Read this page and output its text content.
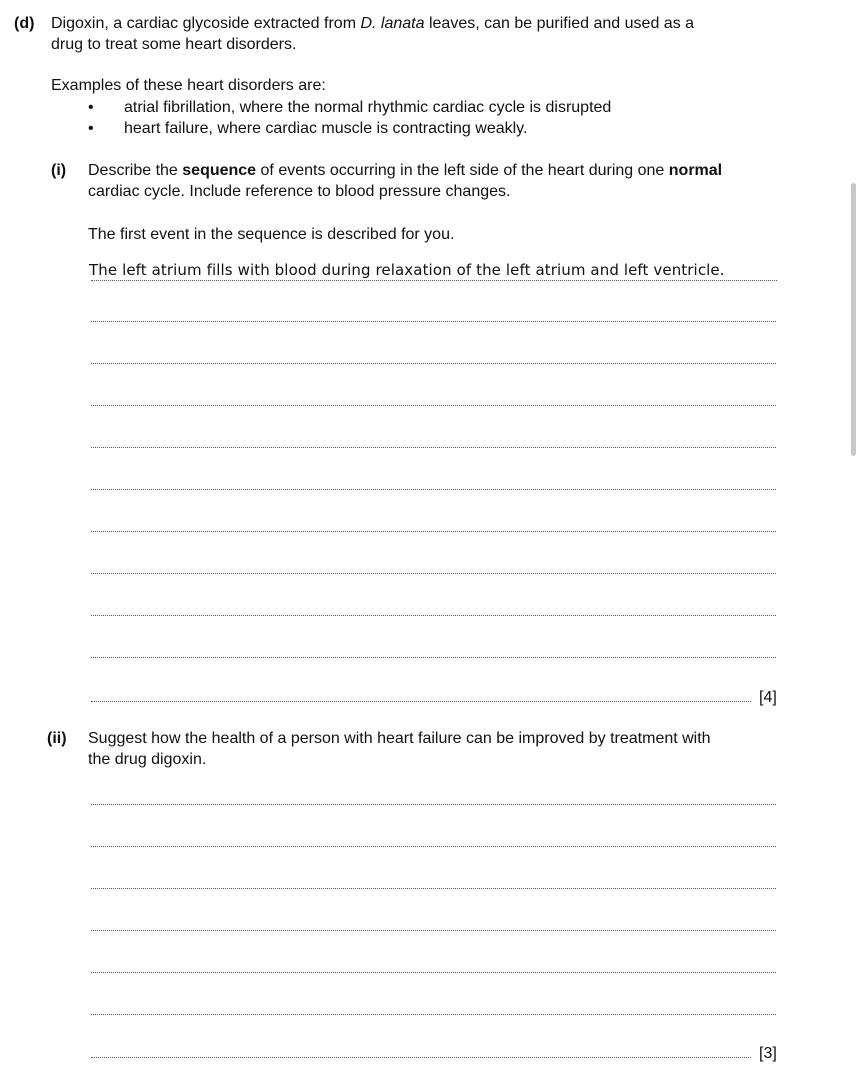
(d) Digoxin, a cardiac glycoside extracted from D. lanata leaves, can be purified and used as a
drug to treat some heart disorders.
Examples of these heart disorders are:
• atrial fibrillation, where the normal rhythmic cardiac cycle is disrupted
• heart failure, where cardiac muscle is contracting weakly.
(i) Describe the sequence of events occurring in the left side of the heart during one normal
cardiac cycle. Include reference to blood pressure changes.
The first event in the sequence is described for you.
The left atrium fills with blood during relaxation of the left atrium and left ventricle.
[4]
(ii) Suggest how the health of a person with heart failure can be improved by treatment with
the drug digoxin.
[3]
